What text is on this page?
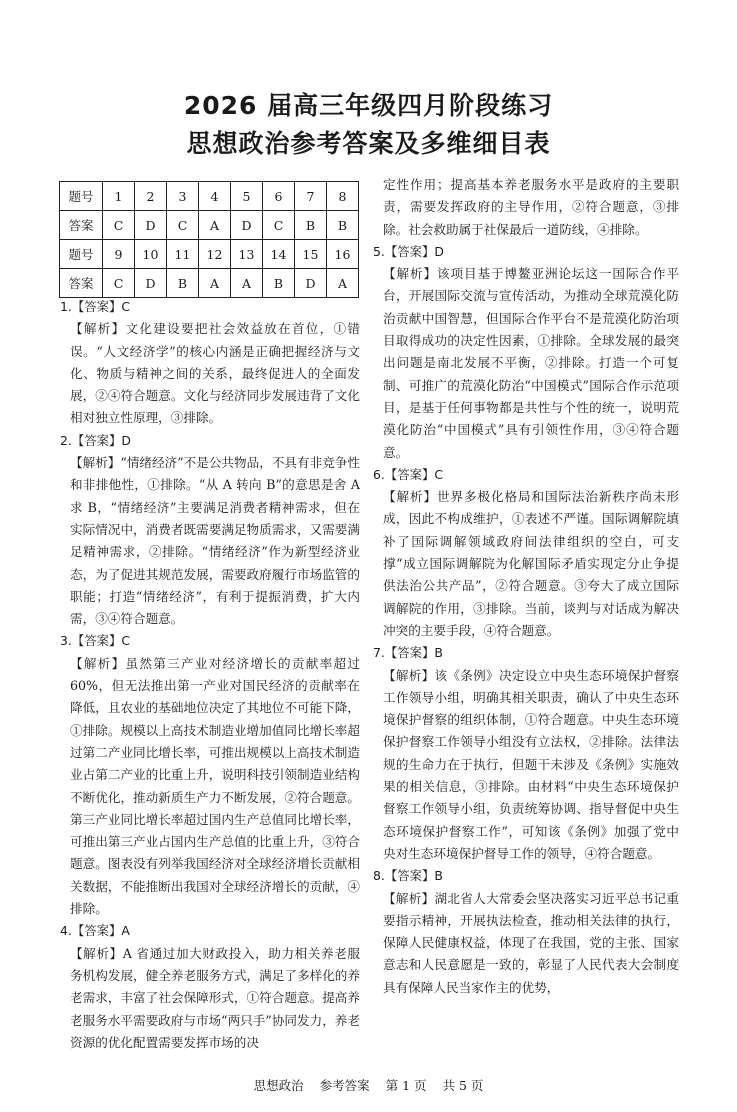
2026 届高三年级四月阶段练习
思想政治参考答案及多维细目表
题号	1	2	3	4	5	6	7	8
答案	C	D	C	A	D	C	B	B
题号	9	10	11	12	13	14	15	16
答案	C	D	B	A	A	B	D	A

1.【答案】C

【解析】文化建设要把社会效益放在首位，①错误。“人文经济学”的核心内涵是正确把握经济与文化、物质与精神之间的关系，最终促进人的全面发展，②④符合题意。文化与经济同步发展违背了文化相对独立性原理，③排除。

2.【答案】D

【解析】“情绪经济”不是公共物品，不具有非竞争性和非排他性，①排除。“从 A 转向 B”的意思是舍 A 求 B，“情绪经济”主要满足消费者精神需求，但在实际情况中，消费者既需要满足物质需求，又需要满足精神需求，②排除。“情绪经济”作为新型经济业态，为了促进其规范发展，需要政府履行市场监管的职能；打造“情绪经济”，有利于提振消费，扩大内需，③④符合题意。

3.【答案】C

【解析】虽然第三产业对经济增长的贡献率超过 60%，但无法推出第一产业对国民经济的贡献率在降低，且农业的基础地位决定了其地位不可能下降，①排除。规模以上高技术制造业增加值同比增长率超过第二产业同比增长率，可推出规模以上高技术制造业占第二产业的比重上升，说明科技引领制造业结构不断优化，推动新质生产力不断发展，②符合题意。第三产业同比增长率超过国内生产总值同比增长率，可推出第三产业占国内生产总值的比重上升，③符合题意。图表没有列举我国经济对全球经济增长贡献相关数据，不能推断出我国对全球经济增长的贡献，④排除。

4.【答案】A

【解析】A 省通过加大财政投入，助力相关养老服务机构发展，健全养老服务方式，满足了多样化的养老需求，丰富了社会保障形式，①符合题意。提高养老服务水平需要政府与市场“两只手”协同发力，养老资源的优化配置需要发挥市场的决

定性作用；提高基本养老服务水平是政府的主要职责，需要发挥政府的主导作用，②符合题意，③排除。社会救助属于社保最后一道防线，④排除。

5.【答案】D

【解析】该项目基于博鳌亚洲论坛这一国际合作平台，开展国际交流与宣传活动，为推动全球荒漠化防治贡献中国智慧，但国际合作平台不是荒漠化防治项目取得成功的决定性因素，①排除。全球发展的最突出问题是南北发展不平衡，②排除。打造一个可复制、可推广的荒漠化防治“中国模式”国际合作示范项目，是基于任何事物都是共性与个性的统一，说明荒漠化防治“中国模式”具有引领性作用，③④符合题意。

6.【答案】C

【解析】世界多极化格局和国际法治新秩序尚未形成，因此不构成维护，①表述不严谨。国际调解院填补了国际调解领域政府间法律组织的空白，可支撑“成立国际调解院为化解国际矛盾实现定分止争提供法治公共产品”，②符合题意。③夸大了成立国际调解院的作用，③排除。当前，谈判与对话成为解决冲突的主要手段，④符合题意。

7.【答案】B

【解析】该《条例》决定设立中央生态环境保护督察工作领导小组，明确其相关职责，确认了中央生态环境保护督察的组织体制，①符合题意。中央生态环境保护督察工作领导小组没有立法权，②排除。法律法规的生命力在于执行，但题干未涉及《条例》实施效果的相关信息，③排除。由材料“中央生态环境保护督察工作领导小组，负责统筹协调、指导督促中央生态环境保护督察工作”，可知该《条例》加强了党中央对生态环境保护督导工作的领导，④符合题意。

8.【答案】B

【解析】湖北省人大常委会坚决落实习近平总书记重要指示精神，开展执法检查，推动相关法律的执行，保障人民健康权益，体现了在我国，党的主张、国家意志和人民意愿是一致的，彰显了人民代表大会制度具有保障人民当家作主的优势，

思想政治 参考答案 第 1 页 共 5 页
